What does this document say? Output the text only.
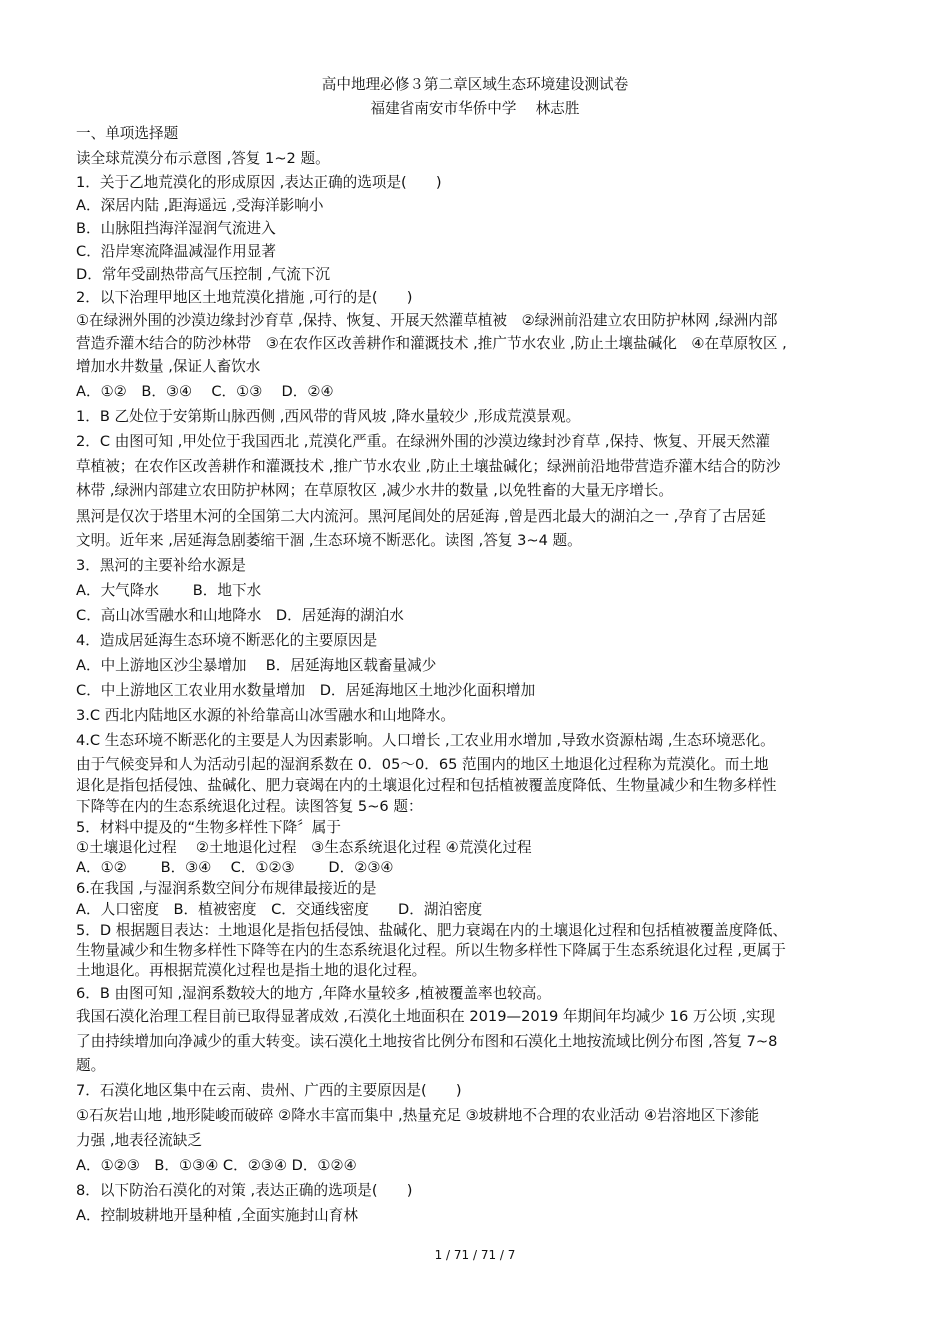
高中地理必修３第二章区域生态环境建设测试卷
福建省南安市华侨中学　 林志胜
一、单项选择题
读全球荒漠分布示意图 ,答复 1~2 题。
1．关于乙地荒漠化的形成原因 ,表达正确的选项是(　　)
A．深居内陆 ,距海遥远 ,受海洋影响小
B．山脉阻挡海洋湿润气流进入
C．沿岸寒流降温减湿作用显著
D．常年受副热带高气压控制 ,气流下沉
2．以下治理甲地区土地荒漠化措施 ,可行的是(　　)
①在绿洲外围的沙漠边缘封沙育草 ,保持、恢复、开展天然灌草植被　②绿洲前沿建立农田防护林网 ,绿洲内部
营造乔灌木结合的防沙林带　③在农作区改善耕作和灌溉技术 ,推广节水农业 ,防止土壤盐碱化　④在草原牧区 ,
增加水井数量 ,保证人畜饮水
A．①②　B．③④　 C．①③　 D．②④
1．B 乙处位于安第斯山脉西侧 ,西风带的背风坡 ,降水量较少 ,形成荒漠景观。
2．C 由图可知 ,甲处位于我国西北 ,荒漠化严重。在绿洲外围的沙漠边缘封沙育草 ,保持、恢复、开展天然灌
草植被；在农作区改善耕作和灌溉技术 ,推广节水农业 ,防止土壤盐碱化；绿洲前沿地带营造乔灌木结合的防沙
林带 ,绿洲内部建立农田防护林网；在草原牧区 ,减少水井的数量 ,以免牲畜的大量无序增长。
黑河是仅次于塔里木河的全国第二大内流河。黑河尾闾处的居延海 ,曾是西北最大的湖泊之一 ,孕育了古居延
文明。近年来 ,居延海急剧萎缩干涸 ,生态环境不断恶化。读图 ,答复 3~4 题。
3．黑河的主要补给水源是
A．大气降水　　 B．地下水
C．高山冰雪融水和山地降水　D．居延海的湖泊水
4．造成居延海生态环境不断恶化的主要原因是
A．中上游地区沙尘暴增加　 B．居延海地区载畜量减少
C．中上游地区工农业用水数量增加　D．居延海地区土地沙化面积增加
3.C 西北内陆地区水源的补给靠高山冰雪融水和山地降水。
4.C 生态环境不断恶化的主要是人为因素影响。人口增长 ,工农业用水增加 ,导致水资源枯竭 ,生态环境恶化。
由于气候变异和人为活动引起的湿润系数在 0．05～0．65 范围内的地区土地退化过程称为荒漠化。而土地
退化是指包括侵蚀、盐碱化、肥力衰竭在内的土壤退化过程和包括植被覆盖度降低、生物量减少和生物多样性
下降等在内的生态系统退化过程。读图答复 5~6 题：
5．材料中提及的“生物多样性下降〞属于
①土壤退化过程　 ②土地退化过程　③生态系统退化过程 ④荒漠化过程
A．①②　　 B．③④　 C．①②③　　 D．②③④
6.在我国 ,与湿润系数空间分布规律最接近的是
A．人口密度　B．植被密度　C．交通线密度　　D．湖泊密度
5．D 根据题目表达：土地退化是指包括侵蚀、盐碱化、肥力衰竭在内的土壤退化过程和包括植被覆盖度降低、
生物量减少和生物多样性下降等在内的生态系统退化过程。所以生物多样性下降属于生态系统退化过程 ,更属于
土地退化。再根据荒漠化过程也是指土地的退化过程。
6．B 由图可知 ,湿润系数较大的地方 ,年降水量较多 ,植被覆盖率也较高。
我国石漠化治理工程目前已取得显著成效 ,石漠化土地面积在 2019—2019 年期间年均减少 16 万公顷 ,实现
了由持续增加向净减少的重大转变。读石漠化土地按省比例分布图和石漠化土地按流域比例分布图 ,答复 7~8
题。
7．石漠化地区集中在云南、贵州、广西的主要原因是(　　)
①石灰岩山地 ,地形陡峻而破碎 ②降水丰富而集中 ,热量充足 ③坡耕地不合理的农业活动 ④岩溶地区下渗能
力强 ,地表径流缺乏
A．①②③　B．①③④ C．②③④ D．①②④
8．以下防治石漠化的对策 ,表达正确的选项是(　　)
A．控制坡耕地开垦种植 ,全面实施封山育林
1 / 71 / 71 / 7
